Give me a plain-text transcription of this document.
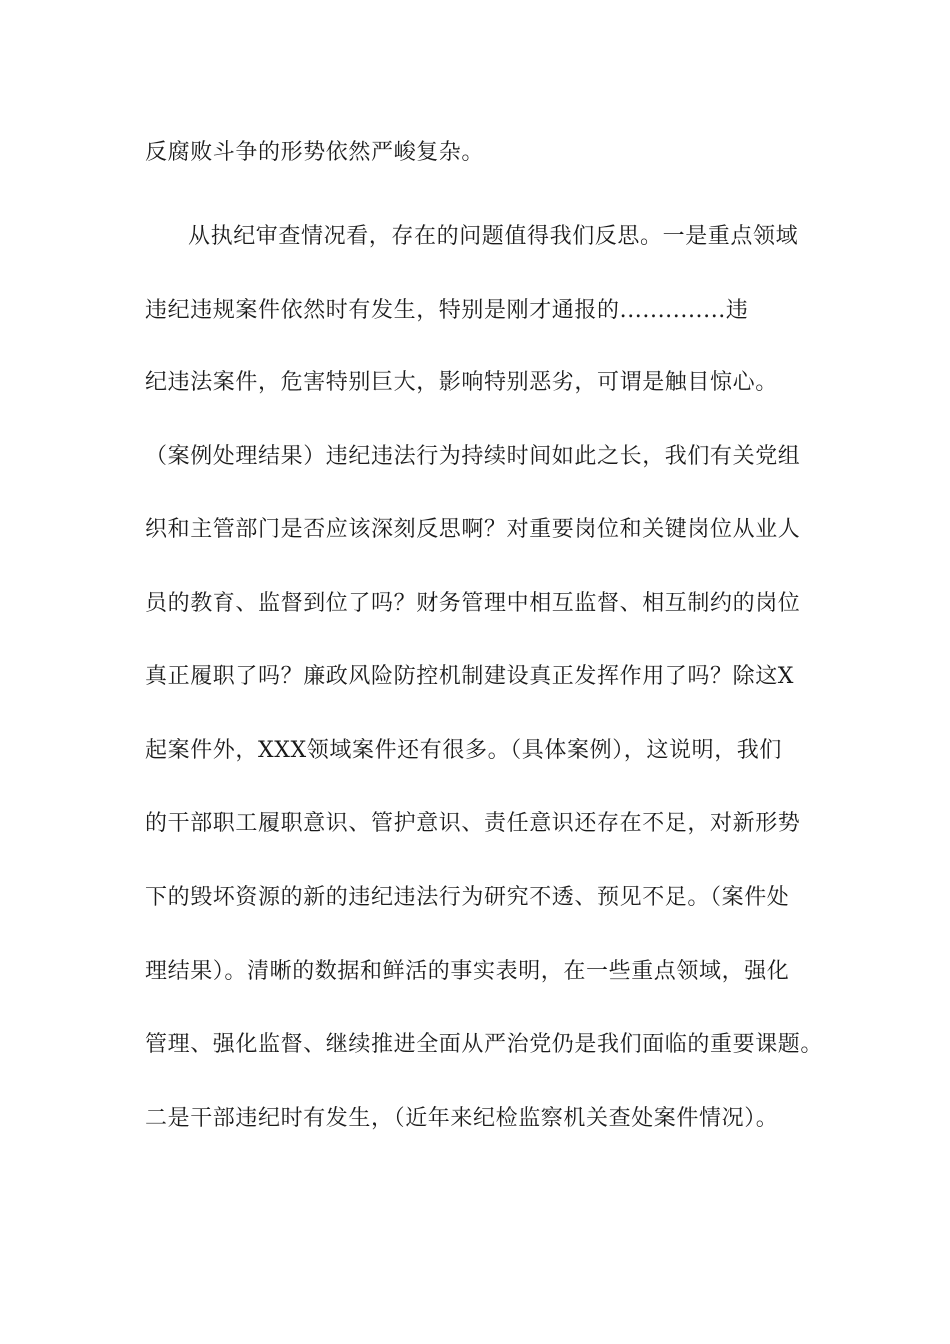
反腐败斗争的形势依然严峻复杂。
从执纪审查情况看，存在的问题值得我们反思。一是重点领域
违纪违规案件依然时有发生，特别是刚才通报的..............违
纪违法案件，危害特别巨大，影响特别恶劣，可谓是触目惊心。
（案例处理结果）违纪违法行为持续时间如此之长，我们有关党组
织和主管部门是否应该深刻反思啊？对重要岗位和关键岗位从业人
员的教育、监督到位了吗？财务管理中相互监督、相互制约的岗位
真正履职了吗？廉政风险防控机制建设真正发挥作用了吗？除这X
起案件外，XXX领域案件还有很多。（具体案例），这说明，我们
的干部职工履职意识、管护意识、责任意识还存在不足，对新形势
下的毁坏资源的新的违纪违法行为研究不透、预见不足。（案件处
理结果）。清晰的数据和鲜活的事实表明，在一些重点领域，强化
管理、强化监督、继续推进全面从严治党仍是我们面临的重要课题。
二是干部违纪时有发生，（近年来纪检监察机关查处案件情况）。
